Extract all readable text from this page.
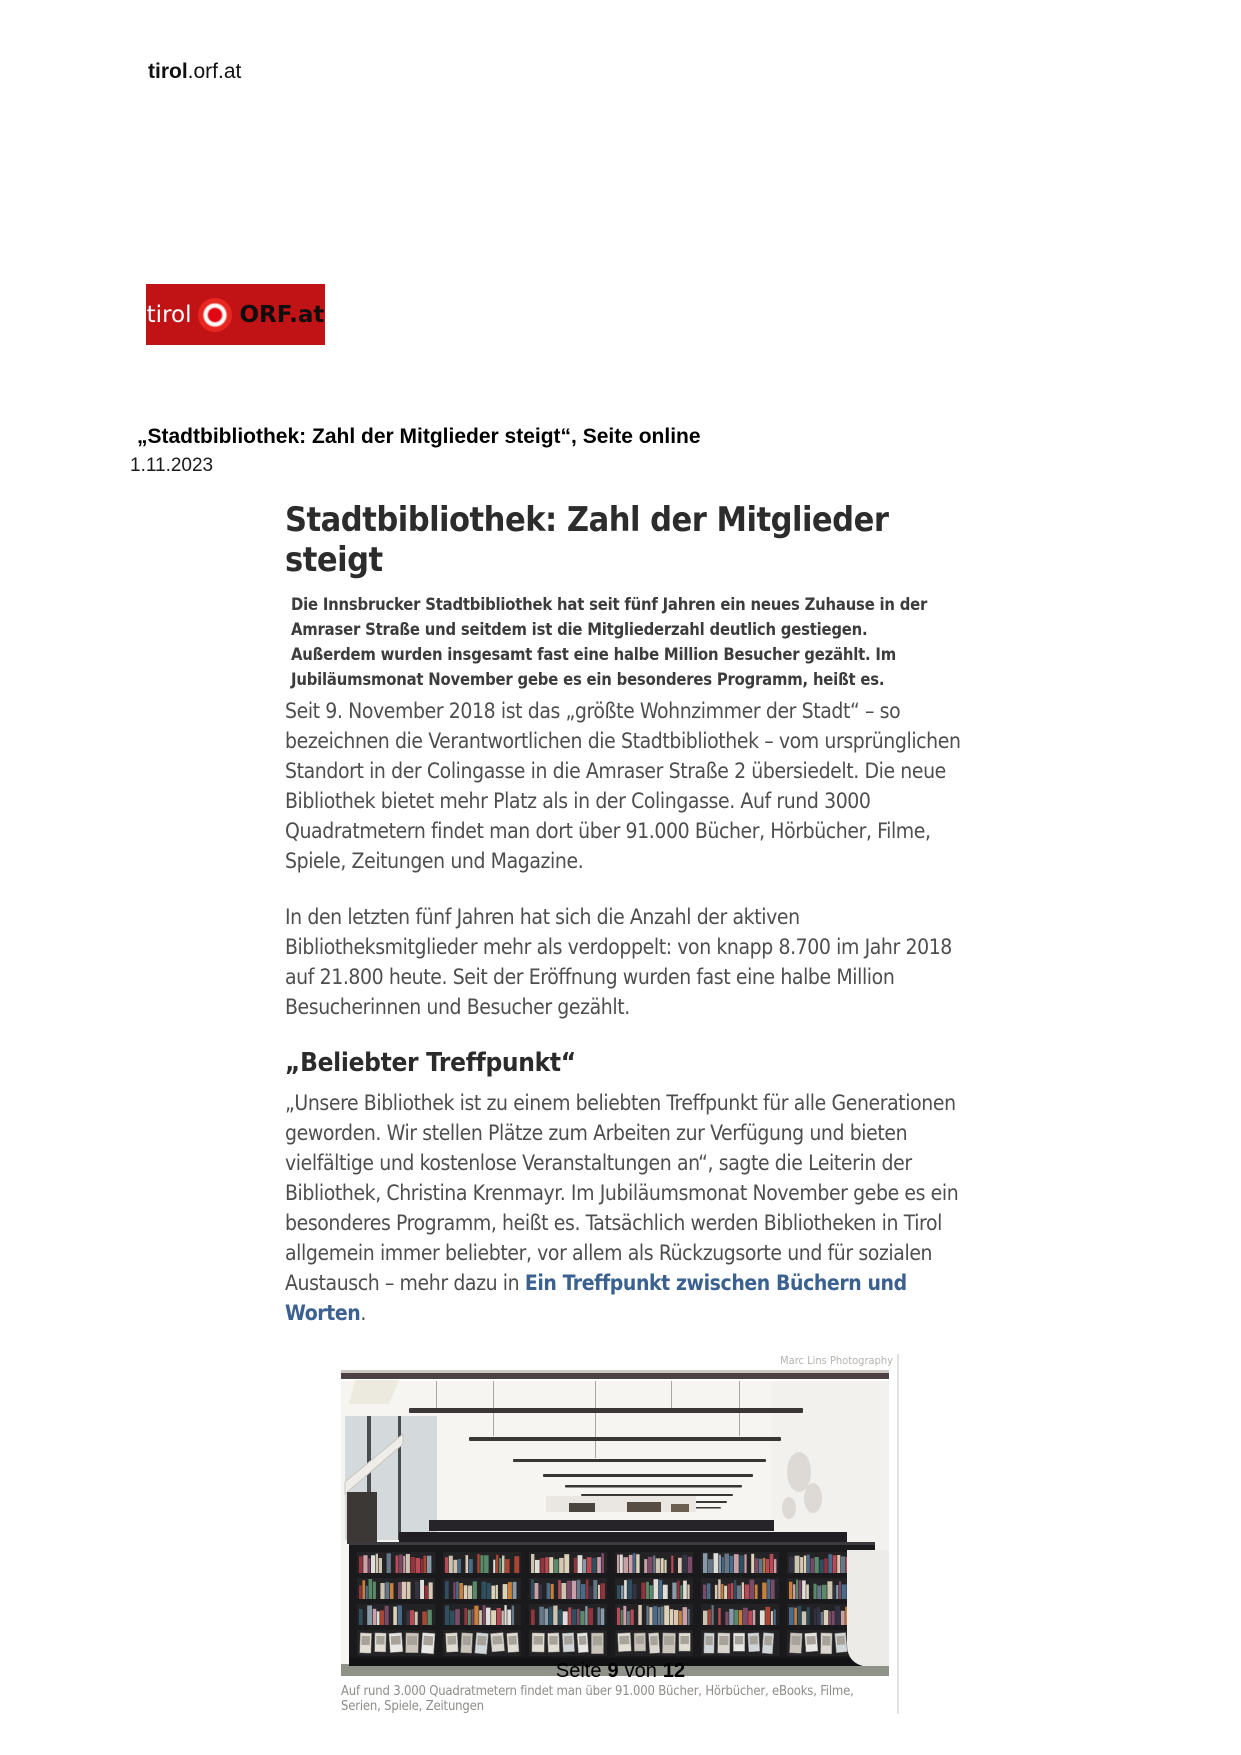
tirol.orf.at
tirol ORF.at
„Stadtbibliothek: Zahl der Mitglieder steigt“, Seite online
1.11.2023
Stadtbibliothek: Zahl der Mitglieder steigt

Die Innsbrucker Stadtbibliothek hat seit fünf Jahren ein neues Zuhause in der Amraser Straße und seitdem ist die Mitgliederzahl deutlich gestiegen. Außerdem wurden insgesamt fast eine halbe Million Besucher gezählt. Im Jubiläumsmonat November gebe es ein besonderes Programm, heißt es.

Seit 9. November 2018 ist das „größte Wohnzimmer der Stadt“ – so bezeichnen die Verantwortlichen die Stadtbibliothek – vom ursprünglichen Standort in der Colingasse in die Amraser Straße 2 übersiedelt. Die neue Bibliothek bietet mehr Platz als in der Colingasse. Auf rund 3000 Quadratmetern findet man dort über 91.000 Bücher, Hörbücher, Filme, Spiele, Zeitungen und Magazine.

In den letzten fünf Jahren hat sich die Anzahl der aktiven Bibliotheksmitglieder mehr als verdoppelt: von knapp 8.700 im Jahr 2018 auf 21.800 heute. Seit der Eröffnung wurden fast eine halbe Million Besucherinnen und Besucher gezählt.

„Beliebter Treffpunkt“

„Unsere Bibliothek ist zu einem beliebten Treffpunkt für alle Generationen geworden. Wir stellen Plätze zum Arbeiten zur Verfügung und bieten vielfältige und kostenlose Veranstaltungen an“, sagte die Leiterin der Bibliothek, Christina Krenmayr. Im Jubiläumsmonat November gebe es ein besonderes Programm, heißt es. Tatsächlich werden Bibliotheken in Tirol allgemein immer beliebter, vor allem als Rückzugsorte und für sozialen Austausch – mehr dazu in Ein Treffpunkt zwischen Büchern und Worten.

Marc Lins Photography
Auf rund 3.000 Quadratmetern findet man über 91.000 Bücher, Hörbücher, eBooks, Filme, Serien, Spiele, Zeitungen
Seite 9 von 12
